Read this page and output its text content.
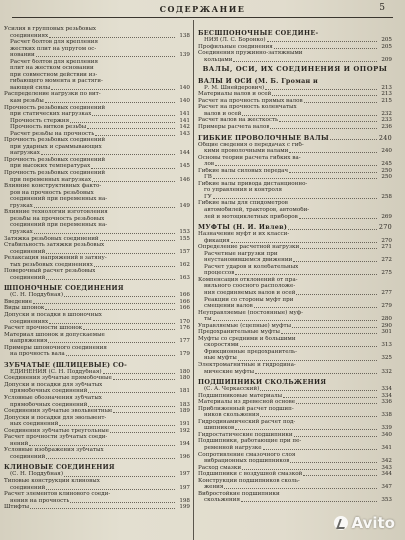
СОДЕРЖАНИЕ	5
Усилия в групповых резьбовых
соединениях	138
Расчет болтов для крепления
жестких плит на упругом ос-
новании	139
Расчет болтов для крепления
плит на жестком основании
при совместном действии из-
гибающего момента и растяги-
вающей силы	140
Распределение нагрузки по вит-
кам резьбы	140
Прочность резьбовых соединений
при статических нагрузках	141
Прочность стержня	141
Прочность витков резьбы	142
Расчет резьбы на прочность	143
Прочность резьбовых соединений
при ударных и сраммывающих
нагрузках	144
Прочность резьбовых соединений
при высоких температурах	145
Прочность резьбовых соединений
при переменных нагрузках	146
Влияние конструктивных факто-
ров на прочность резьбовых
соединений при переменных на-
грузках	149
Влияние технологии изготовления
резьбы на прочность резьбовых
соединений при переменных на-
грузках	153
Затяжка резьбовых соединений	155
Стабильность затяжки резьбовых
соединений	157
Релаксация напряжений в затяну-
тых резьбовых соединениях	162
Поверочный расчет резьбовых
соединений	163
ШПОНОЧНЫЕ СОЕДИНЕНИЯ
(С. Н. Поддубная)	166
Введение	166
Виды шпонок	166
Допуски и посадки в шпоночных
соединениях	170
Расчет прочности шпонок	176
Материал шпонок и допускаемые
напряжения	177
Примеры шпоночного соединения
на прочность вала	179
ЗУБЧАТЫЕ (ШЛИЦЕВЫЕ) СО-
ЕДИНЕНИЯ (С. Н. Поддубная)	180
Соединения зубчатые прямобочные	180
Допуски и посадки для зубчатых
прямобочных соединений	181
Условные обозначения зубчатых
прямобочных соединений	183
Соединения зубчатые эвольвентные	189
Допуски и посадки для эвольвент-
ных соединений	191
Соединения зубчатые треугольные	192
Расчет прочности зубчатых соеди-
нений	194
Условные изображения зубчатых
соединений	196
КЛИНОВЫЕ СОЕДИНЕНИЯ
(С. Н. Поддубная)	197
Типовые конструкции клиновых
соединений	197
Расчет элементов клинового соеди-
нения на прочность	198
Штифты	199
БЕСШПОНОЧНЫЕ СОЕДИНЕ-
НИЯ (Л. С. Боронко)	205
Профильные соединения	205
Соединения пружинно-затяжными
кольцами	209
ВАЛЫ, ОСИ, ИХ СОЕДИНЕНИЯ И ОПОРЫ
ВАЛЫ И ОСИ (М. Б. Громан и
Р. М. Шнейдерович)	213
Материалы валов и осей	213
Расчет на прочность прямых валов	215
Расчет на прочность коленчатых
валов и осей	232
Расчет валов на жесткость	233
Примеры расчета валов	236
ГИБКИЕ ПРОВОЛОЧНЫЕ ВАЛЫ	240
Общие сведения о передачах с гиб-
кими проволочными валами	240
Основы теории расчета гибких ва-
лов	245
Гибкие валы силовых передач	250
ГВ	250
Гибкие валы привода дистанционно-
го управления и контроля
ГУ	258
Гибкие валы для спидометров
автомобилей, тракторов, автомоби-
лей и мотоциклетных приборов	269
МУФТЫ (Н. И. Ивлев)	270
Назначение муфт и их класси-
фикация	270
Определение расчетной нагрузки	271
Расчетные нагрузки при
неустановившемся движении	272
Расчет ударов и колебательных
процессов	275
Компенсация отклонений от пра-
вильного соосного расположе-
ния соединяемых валов и осей	277
Реакции со стороны муфт при
смещении валов	279
Неуправляемые (постоянные) муф-
ты	280
Управляемые (сцепные) муфты	290
Предохранительные муфты	301
Муфты со средними и большими
скоростями	313
Фрикционные предохранитель-
ные муфты	325
Электромагнитные и гидродина-
мические муфты	332
ПОДШИПНИКИ СКОЛЬЖЕНИЯ
(С. А. Черкасский)	334
Подшипниковые материалы	334
Материалы из древесной основе	336
Приближенный расчет подшип-
ников скольжения	338
Гидродинамический расчет под-
шипников	339
Гидростатические подшипники	340
Подшипники, работающие при пе-
ременной нагрузке	341
Сопротивление смазочного слоя
вибрационных подшипников	342
Расход смазки	343
Подшипники с воздушной смазкой	344
Конструкции подшипников сколь-
жения	347
Вибростойкие подшипники
скольжения	353
Avito
